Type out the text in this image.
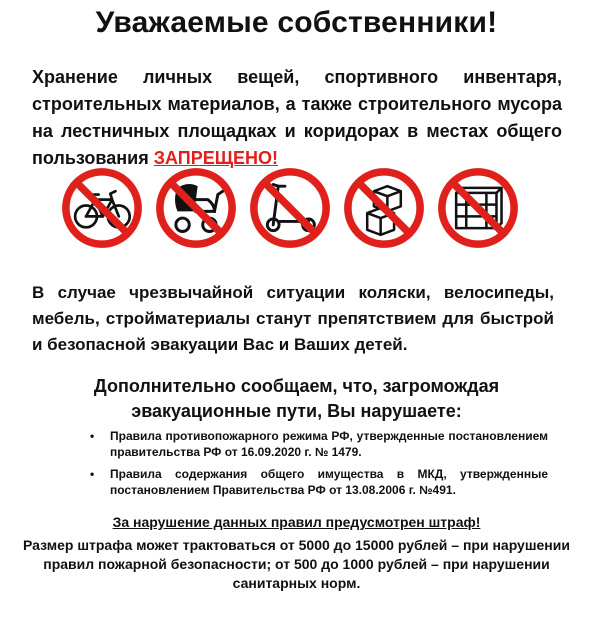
Уважаемые собственники!
Хранение личных вещей, спортивного инвентаря, строительных материалов, а также строительного мусора на лестничных площадках и коридорах в местах общего пользования ЗАПРЕЩЕНО!
В случае чрезвычайной ситуации коляски, велосипеды, мебель, стройматериалы станут препятствием для быстрой и безопасной эвакуации Вас и Ваших детей.
Дополнительно сообщаем, что, загромождая эвакуационные пути, Вы нарушаете:
• Правила противопожарного режима РФ, утвержденные постановлением правительства РФ от 16.09.2020 г. № 1479.
• Правила содержания общего имущества в МКД, утвержденные постановлением Правительства РФ от 13.08.2006 г. №491.
За нарушение данных правил предусмотрен штраф!
Размер штрафа может трактоваться от 5000 до 15000 рублей – при нарушении правил пожарной безопасности; от 500 до 1000 рублей – при нарушении санитарных норм.
